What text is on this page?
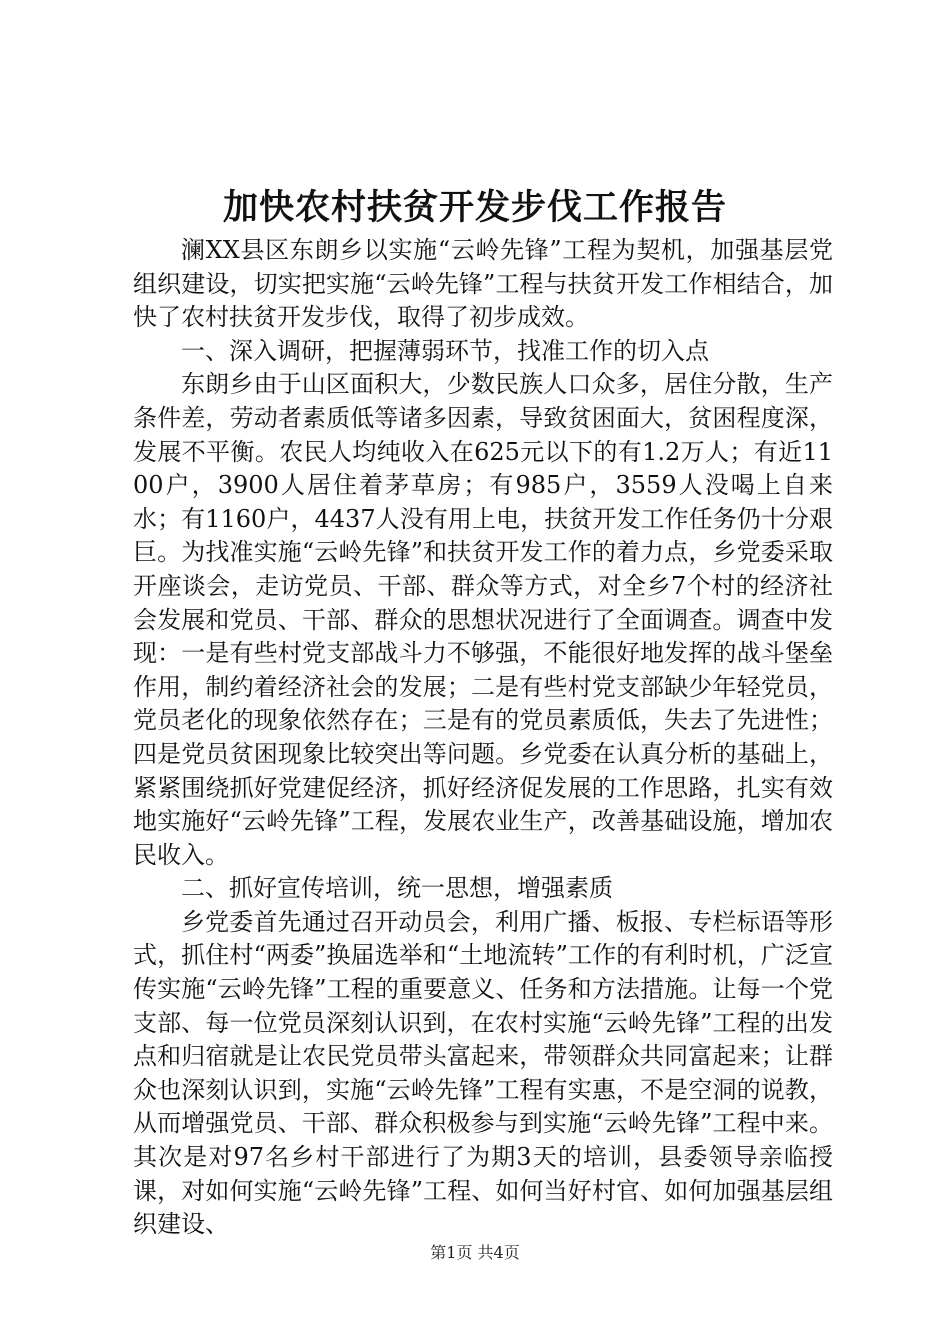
加快农村扶贫开发步伐工作报告

澜XX县区东朗乡以实施“云岭先锋”工程为契机，加强基层党组织建设，切实把实施“云岭先锋”工程与扶贫开发工作相结合，加快了农村扶贫开发步伐，取得了初步成效。

一、深入调研，把握薄弱环节，找准工作的切入点

东朗乡由于山区面积大，少数民族人口众多，居住分散，生产条件差，劳动者素质低等诸多因素，导致贫困面大，贫困程度深，发展不平衡。农民人均纯收入在625元以下的有1.2万人；有近1100户，3900人居住着茅草房；有985户，3559人没喝上自来水；有1160户，4437人没有用上电，扶贫开发工作任务仍十分艰巨。为找准实施“云岭先锋”和扶贫开发工作的着力点，乡党委采取开座谈会，走访党员、干部、群众等方式，对全乡7个村的经济社会发展和党员、干部、群众的思想状况进行了全面调查。调查中发现：一是有些村党支部战斗力不够强，不能很好地发挥的战斗堡垒作用，制约着经济社会的发展；二是有些村党支部缺少年轻党员，党员老化的现象依然存在；三是有的党员素质低，失去了先进性；四是党员贫困现象比较突出等问题。乡党委在认真分析的基础上，紧紧围绕抓好党建促经济，抓好经济促发展的工作思路，扎实有效地实施好“云岭先锋”工程，发展农业生产，改善基础设施，增加农民收入。

二、抓好宣传培训，统一思想，增强素质

乡党委首先通过召开动员会，利用广播、板报、专栏标语等形式，抓住村“两委”换届选举和“土地流转”工作的有利时机，广泛宣传实施“云岭先锋”工程的重要意义、任务和方法措施。让每一个党支部、每一位党员深刻认识到，在农村实施“云岭先锋”工程的出发点和归宿就是让农民党员带头富起来，带领群众共同富起来；让群众也深刻认识到，实施“云岭先锋”工程有实惠，不是空洞的说教，从而增强党员、干部、群众积极参与到实施“云岭先锋”工程中来。其次是对97名乡村干部进行了为期3天的培训，县委领导亲临授课，对如何实施“云岭先锋”工程、如何当好村官、如何加强基层组织建设、

第1页 共4页
